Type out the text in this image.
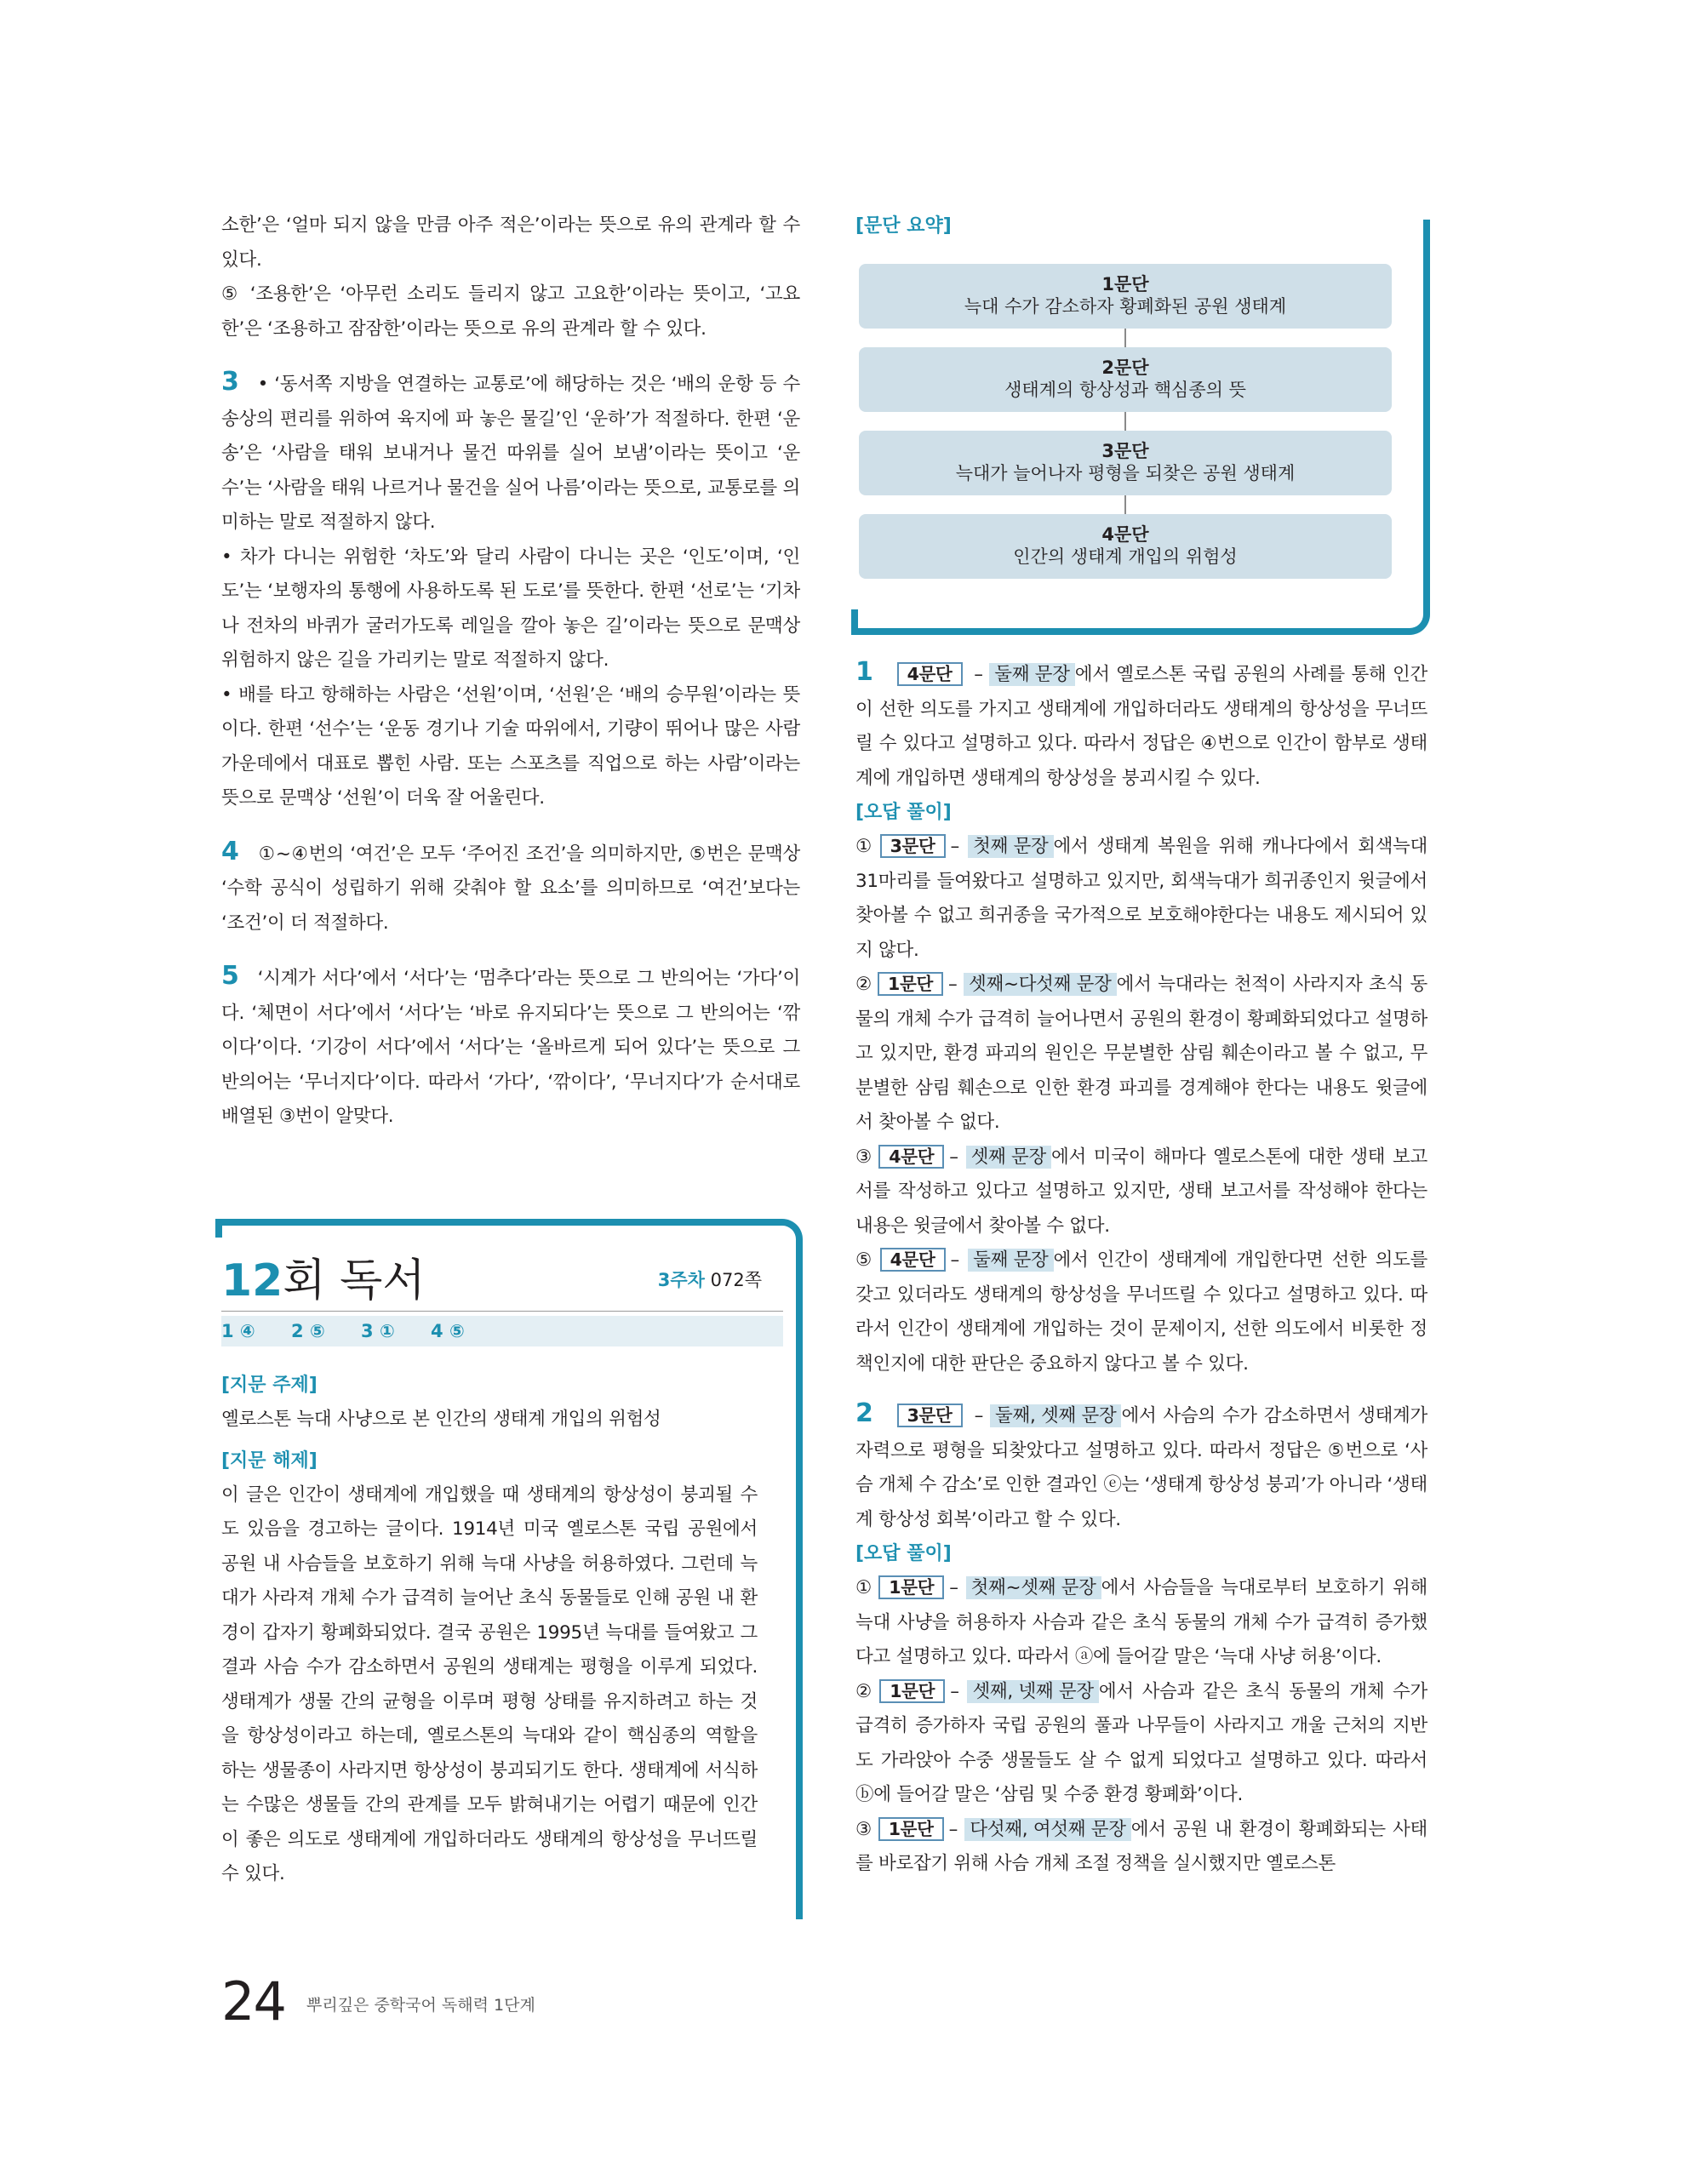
소한’은 ‘얼마 되지 않을 만큼 아주 적은’이라는 뜻으로 유의 관계라 할 수 있다.

⑤ ‘조용한’은 ‘아무런 소리도 들리지 않고 고요한’이라는 뜻이고, ‘고요한’은 ‘조용하고 잠잠한’이라는 뜻으로 유의 관계라 할 수 있다.

3 • ‘동서쪽 지방을 연결하는 교통로’에 해당하는 것은 ‘배의 운항 등 수송상의 편리를 위하여 육지에 파 놓은 물길’인 ‘운하’가 적절하다. 한편 ‘운송’은 ‘사람을 태워 보내거나 물건 따위를 실어 보냄’이라는 뜻이고 ‘운수’는 ‘사람을 태워 나르거나 물건을 실어 나름’이라는 뜻으로, 교통로를 의미하는 말로 적절하지 않다.

• 차가 다니는 위험한 ‘차도’와 달리 사람이 다니는 곳은 ‘인도’이며, ‘인도’는 ‘보행자의 통행에 사용하도록 된 도로’를 뜻한다. 한편 ‘선로’는 ‘기차나 전차의 바퀴가 굴러가도록 레일을 깔아 놓은 길’이라는 뜻으로 문맥상 위험하지 않은 길을 가리키는 말로 적절하지 않다.

• 배를 타고 항해하는 사람은 ‘선원’이며, ‘선원’은 ‘배의 승무원’이라는 뜻이다. 한편 ‘선수’는 ‘운동 경기나 기술 따위에서, 기량이 뛰어나 많은 사람 가운데에서 대표로 뽑힌 사람. 또는 스포츠를 직업으로 하는 사람’이라는 뜻으로 문맥상 ‘선원’이 더욱 잘 어울린다.

4 ①~④번의 ‘여건’은 모두 ‘주어진 조건’을 의미하지만, ⑤번은 문맥상 ‘수학 공식이 성립하기 위해 갖춰야 할 요소’를 의미하므로 ‘여건’보다는 ‘조건’이 더 적절하다.

5 ‘시계가 서다’에서 ‘서다’는 ‘멈추다’라는 뜻으로 그 반의어는 ‘가다’이다. ‘체면이 서다’에서 ‘서다’는 ‘바로 유지되다’는 뜻으로 그 반의어는 ‘깎이다’이다. ‘기강이 서다’에서 ‘서다’는 ‘올바르게 되어 있다’는 뜻으로 그 반의어는 ‘무너지다’이다. 따라서 ‘가다’, ‘깎이다’, ‘무너지다’가 순서대로 배열된 ③번이 알맞다.

[문단 요약]
1문단
늑대 수가 감소하자 황폐화된 공원 생태계
2문단
생태계의 항상성과 핵심종의 뜻
3문단
늑대가 늘어나자 평형을 되찾은 공원 생태계
4문단
인간의 생태계 개입의 위험성

1 4문단 – 둘째 문장 에서 옐로스톤 국립 공원의 사례를 통해 인간이 선한 의도를 가지고 생태계에 개입하더라도 생태계의 항상성을 무너뜨릴 수 있다고 설명하고 있다. 따라서 정답은 ④번으로 인간이 함부로 생태계에 개입하면 생태계의 항상성을 붕괴시킬 수 있다.

[오답 풀이]

① 3문단 – 첫째 문장 에서 생태계 복원을 위해 캐나다에서 회색늑대 31마리를 들여왔다고 설명하고 있지만, 회색늑대가 희귀종인지 윗글에서 찾아볼 수 없고 희귀종을 국가적으로 보호해야한다는 내용도 제시되어 있지 않다.

② 1문단 – 셋째~다섯째 문장 에서 늑대라는 천적이 사라지자 초식 동물의 개체 수가 급격히 늘어나면서 공원의 환경이 황폐화되었다고 설명하고 있지만, 환경 파괴의 원인은 무분별한 삼림 훼손이라고 볼 수 없고, 무분별한 삼림 훼손으로 인한 환경 파괴를 경계해야 한다는 내용도 윗글에서 찾아볼 수 없다.

③ 4문단 – 셋째 문장 에서 미국이 해마다 옐로스톤에 대한 생태 보고서를 작성하고 있다고 설명하고 있지만, 생태 보고서를 작성해야 한다는 내용은 윗글에서 찾아볼 수 없다.

⑤ 4문단 – 둘째 문장 에서 인간이 생태계에 개입한다면 선한 의도를 갖고 있더라도 생태계의 항상성을 무너뜨릴 수 있다고 설명하고 있다. 따라서 인간이 생태계에 개입하는 것이 문제이지, 선한 의도에서 비롯한 정책인지에 대한 판단은 중요하지 않다고 볼 수 있다.

2 3문단 – 둘째, 셋째 문장 에서 사슴의 수가 감소하면서 생태계가 자력으로 평형을 되찾았다고 설명하고 있다. 따라서 정답은 ⑤번으로 ‘사슴 개체 수 감소’로 인한 결과인 ⓔ는 ‘생태계 항상성 붕괴’가 아니라 ‘생태계 항상성 회복’이라고 할 수 있다.

[오답 풀이]

① 1문단 – 첫째~셋째 문장 에서 사슴들을 늑대로부터 보호하기 위해 늑대 사냥을 허용하자 사슴과 같은 초식 동물의 개체 수가 급격히 증가했다고 설명하고 있다. 따라서 ⓐ에 들어갈 말은 ‘늑대 사냥 허용’이다.

② 1문단 – 셋째, 넷째 문장 에서 사슴과 같은 초식 동물의 개체 수가 급격히 증가하자 국립 공원의 풀과 나무들이 사라지고 개울 근처의 지반도 가라앉아 수중 생물들도 살 수 없게 되었다고 설명하고 있다. 따라서 ⓑ에 들어갈 말은 ‘삼림 및 수중 환경 황폐화’이다.

③ 1문단 – 다섯째, 여섯째 문장 에서 공원 내 환경이 황폐화되는 사태를 바로잡기 위해 사슴 개체 조절 정책을 실시했지만 옐로스톤

12회 독서	3주차 072쪽
1 ④ 2 ⑤ 3 ① 4 ⑤

[지문 주제]

옐로스톤 늑대 사냥으로 본 인간의 생태계 개입의 위험성

[지문 해제]

이 글은 인간이 생태계에 개입했을 때 생태계의 항상성이 붕괴될 수도 있음을 경고하는 글이다. 1914년 미국 옐로스톤 국립 공원에서 공원 내 사슴들을 보호하기 위해 늑대 사냥을 허용하였다. 그런데 늑대가 사라져 개체 수가 급격히 늘어난 초식 동물들로 인해 공원 내 환경이 갑자기 황폐화되었다. 결국 공원은 1995년 늑대를 들여왔고 그 결과 사슴 수가 감소하면서 공원의 생태계는 평형을 이루게 되었다. 생태계가 생물 간의 균형을 이루며 평형 상태를 유지하려고 하는 것을 항상성이라고 하는데, 옐로스톤의 늑대와 같이 핵심종의 역할을 하는 생물종이 사라지면 항상성이 붕괴되기도 한다. 생태계에 서식하는 수많은 생물들 간의 관계를 모두 밝혀내기는 어렵기 때문에 인간이 좋은 의도로 생태계에 개입하더라도 생태계의 항상성을 무너뜨릴 수 있다.

24 뿌리깊은 중학국어 독해력 1단계
